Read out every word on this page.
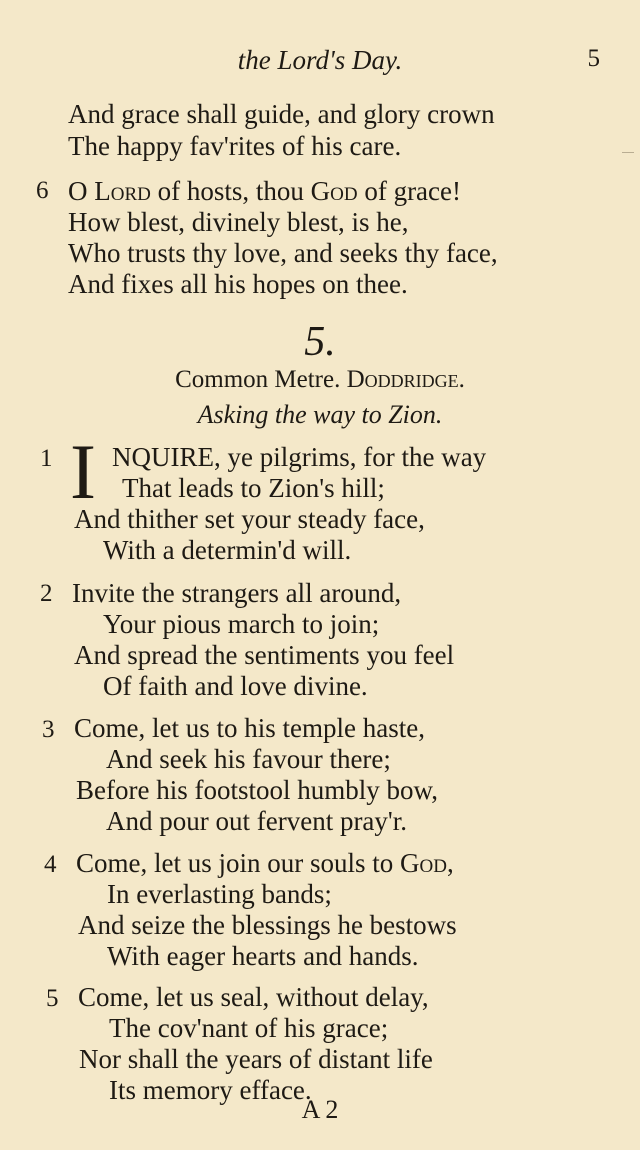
the Lord's Day.	5
And grace shall guide, and glory crown
The happy fav'rites of his care.
6 O Lord of hosts, thou God of grace!
How blest, divinely blest, is he,
Who trusts thy love, and seeks thy face,
And fixes all his hopes on thee.
5.
Common Metre. Doddridge.
Asking the way to Zion.
1 I NQUIRE, ye pilgrims, for the way
That leads to Zion's hill;
And thither set your steady face,
With a determin'd will.
2 Invite the strangers all around,
Your pious march to join;
And spread the sentiments you feel
Of faith and love divine.
3 Come, let us to his temple haste,
And seek his favour there;
Before his footstool humbly bow,
And pour out fervent pray'r.
4 Come, let us join our souls to God,
In everlasting bands;
And seize the blessings he bestows
With eager hearts and hands.
5 Come, let us seal, without delay,
The cov'nant of his grace;
Nor shall the years of distant life
Its memory efface.
A 2
